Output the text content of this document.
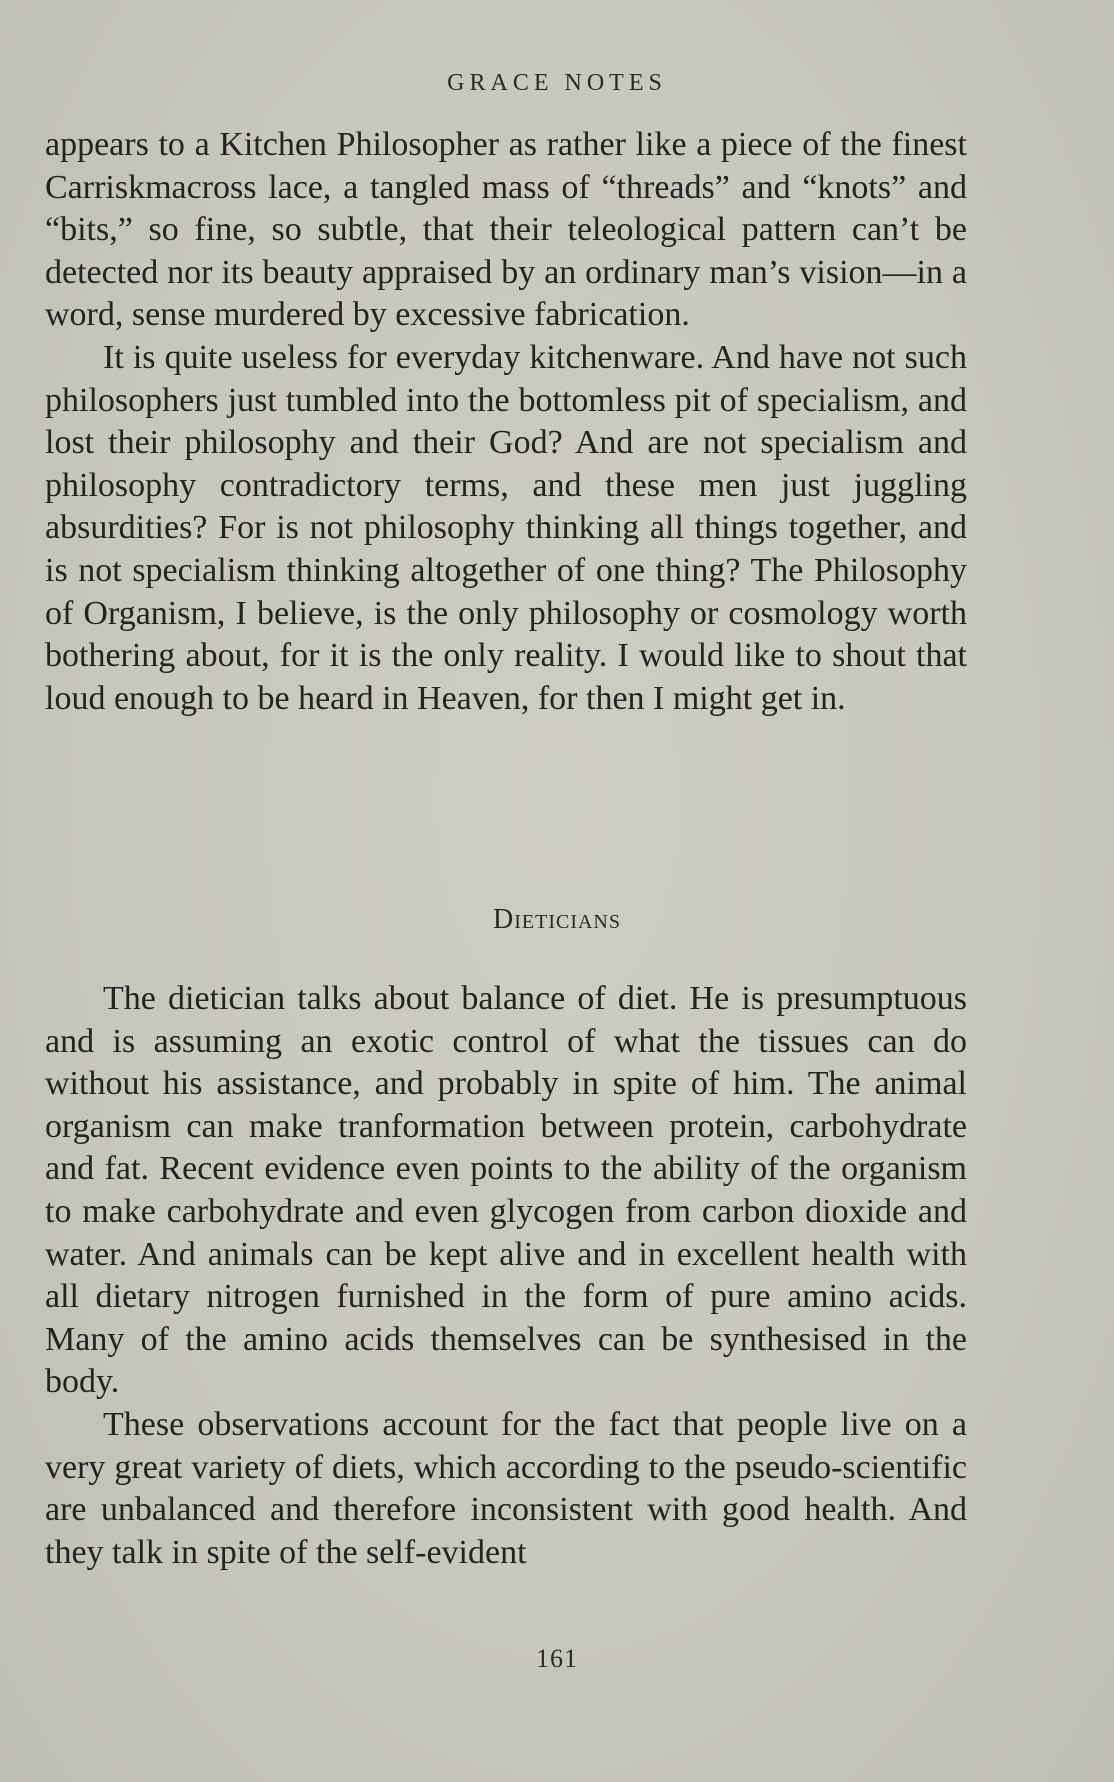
GRACE NOTES

appears to a Kitchen Philosopher as rather like a piece of the finest Carriskmacross lace, a tangled mass of “threads” and “knots” and “bits,” so fine, so subtle, that their teleological pattern can’t be detected nor its beauty appraised by an ordinary man’s vision—in a word, sense murdered by excessive fabrication.

It is quite useless for everyday kitchenware. And have not such philosophers just tumbled into the bottomless pit of specialism, and lost their philosophy and their God? And are not specialism and philosophy contradictory terms, and these men just juggling absurdities? For is not philosophy thinking all things together, and is not specialism thinking altogether of one thing? The Philosophy of Organism, I believe, is the only philosophy or cosmology worth bothering about, for it is the only reality. I would like to shout that loud enough to be heard in Heaven, for then I might get in.

Dieticians

The dietician talks about balance of diet. He is presumptuous and is assuming an exotic control of what the tissues can do without his assistance, and probably in spite of him. The animal organism can make tranformation between protein, carbohydrate and fat. Recent evidence even points to the ability of the organism to make carbohydrate and even glycogen from carbon dioxide and water. And animals can be kept alive and in excellent health with all dietary nitrogen furnished in the form of pure amino acids. Many of the amino acids themselves can be synthesised in the body.

These observations account for the fact that people live on a very great variety of diets, which according to the pseudo-scientific are unbalanced and therefore inconsistent with good health. And they talk in spite of the self-evident

161
